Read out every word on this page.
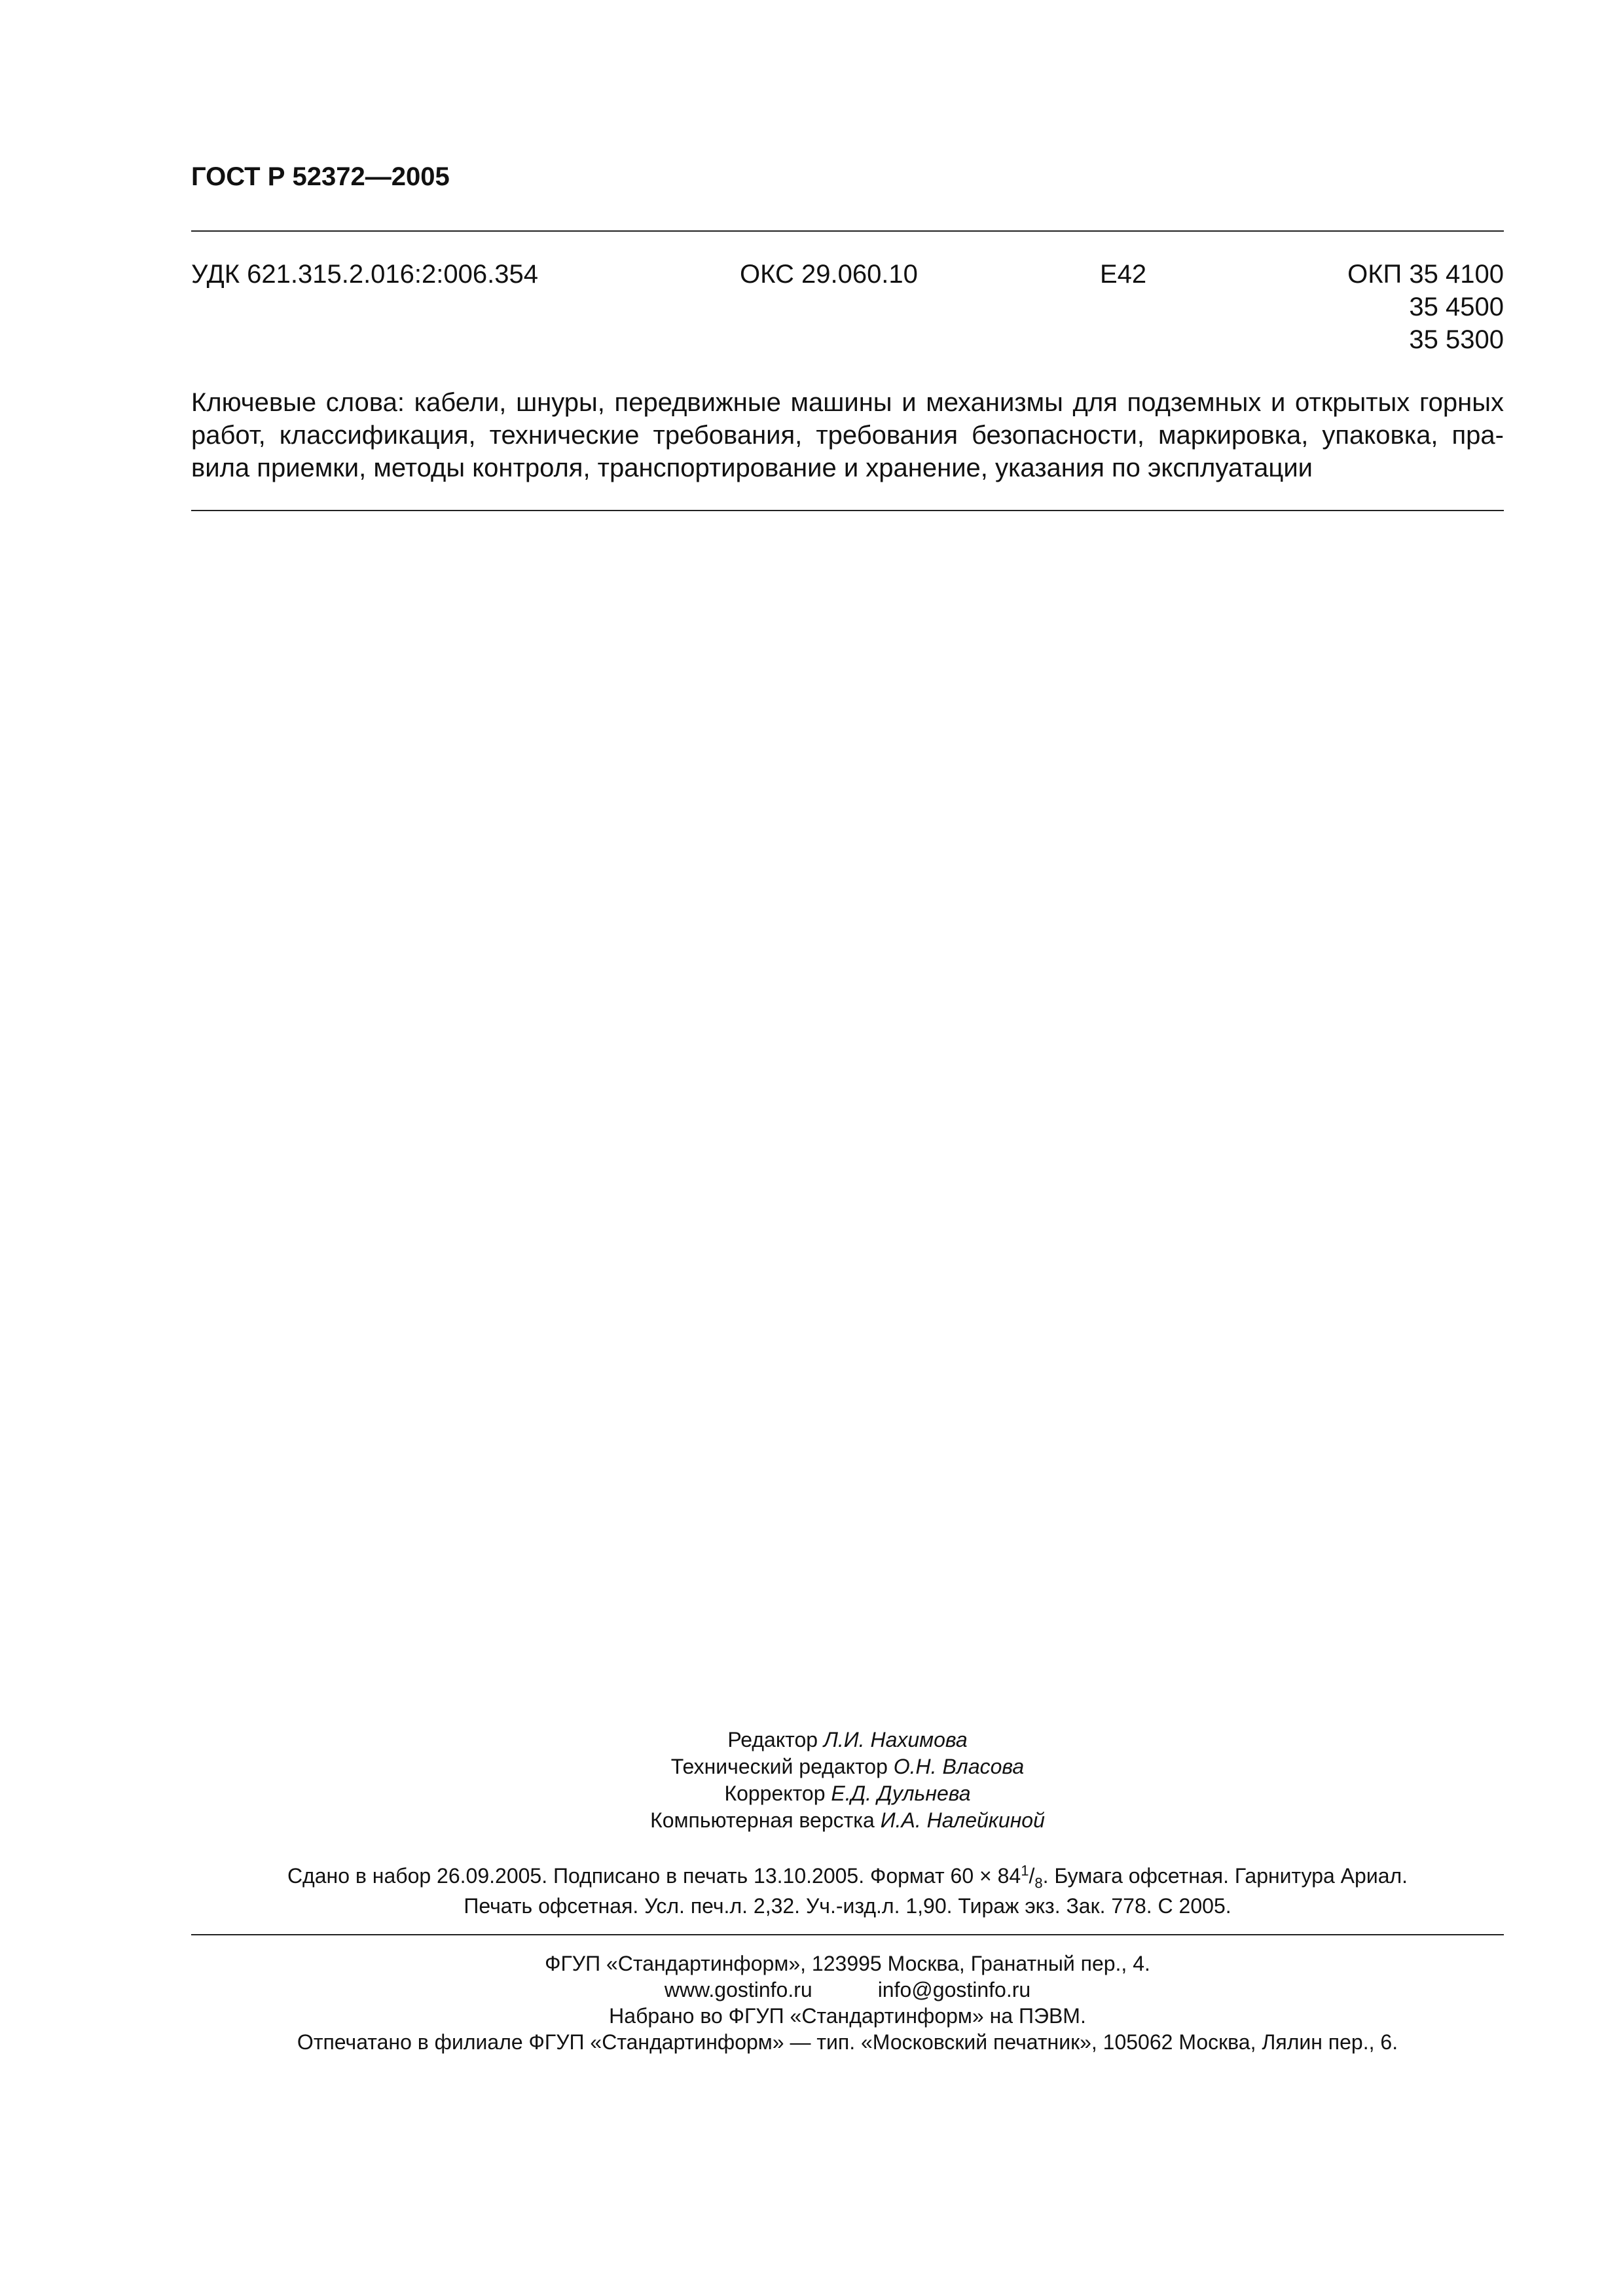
ГОСТ Р 52372—2005
УДК 621.315.2.016:2:006.354	ОКС 29.060.10	Е42	ОКП 35 4100
35 4500
35 5300
Ключевые слова: кабели, шнуры, передвижные машины и механизмы для подземных и открытых горных
работ, классификация, технические требования, требования безопасности, маркировка, упаковка, пра-
вила приемки, методы контроля, транспортирование и хранение, указания по эксплуатации
Редактор Л.И. Нахимова
Технический редактор О.Н. Власова
Корректор Е.Д. Дульнева
Компьютерная верстка И.А. Налейкиной
Сдано в набор 26.09.2005. Подписано в печать 13.10.2005. Формат $60 \times 84^1/_8$. Бумага офсетная. Гарнитура Ариал.
Печать офсетная. Усл. печ.л. 2,32. Уч.-изд.л. 1,90. Тираж экз. Зак. 778. С 2005.
ФГУП «Стандартинформ», 123995 Москва, Гранатный пер., 4.
www.gostinfo.ru	info@gostinfo.ru
Набрано во ФГУП «Стандартинформ» на ПЭВМ.
Отпечатано в филиале ФГУП «Стандартинформ» — тип. «Московский печатник», 105062 Москва, Лялин пер., 6.
